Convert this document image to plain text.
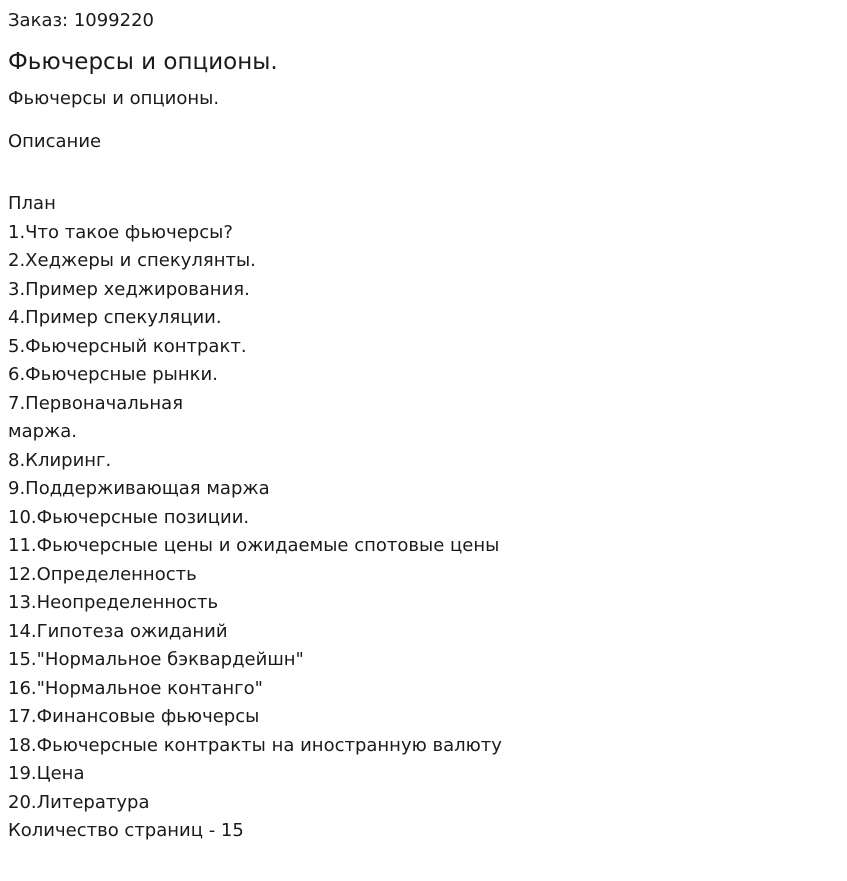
Заказ: 1099220
Фьючерсы и опционы.
Фьючерсы и опционы.
Описание
План
1.Что такое фьючерсы?
2.Хеджеры и спекулянты.
3.Пример хеджирования.
4.Пример спекуляции.
5.Фьючерсный контракт.
6.Фьючерсные рынки.
7.Первоначальная
маржа.
8.Клиринг.
9.Поддерживающая маржа
10.Фьючерсные позиции.
11.Фьючерсные цены и ожидаемые спотовые цены
12.Определенность
13.Неопределенность
14.Гипотеза ожиданий
15."Нормальное бэквардейшн"
16."Нормальное контанго"
17.Финансовые фьючерсы
18.Фьючерсные контракты на иностранную валюту
19.Цена
20.Литература
Количество страниц - 15
